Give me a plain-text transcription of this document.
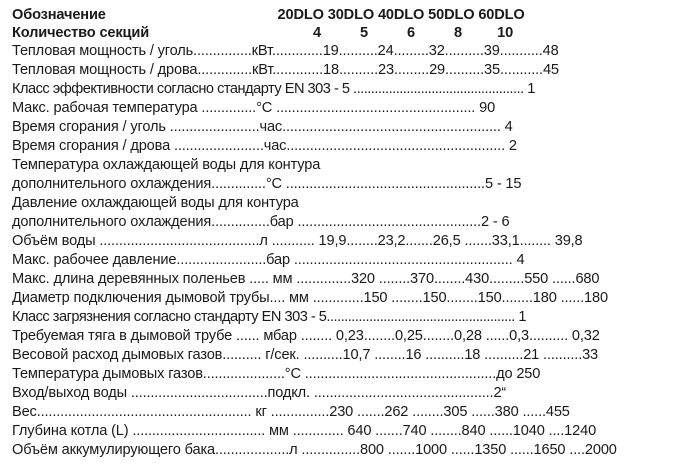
Обозначение                                            20DLO 30DLO 40DLO 50DLO 60DLO
Количество секций                                          4          5          6          8         10
Тепловая мощность / уголь...............кВт.............19..........24.........32..........39...........48
Тепловая мощность / дрова..............кВт.............18..........23.........29..........35...........45
Класс эффективности согласно стандарту EN 303 - 5 ................................................ 1
Макс. рабочая температура ..............°C ................................................... 90
Время сгорания / уголь .......................час........................................................ 4
Время сгорания / дрова .......................час........................................................ 2
Температура охлаждающей воды для контура
дополнительного охлаждения..............°C ...................................................5 - 15
Давление охлаждающей воды для контура
дополнительного охлаждения...............бар ...............................................2 - 6
Объём воды .........................................л ........... 19,9........23,2.......26,5 .......33,1........ 39,8
Макс. рабочее давление.......................бар ........................................................ 4
Макс. длина деревянных поленьев ..... мм ..............320 ........370........430.........550 ......680
Диаметр подключения дымовой трубы.... мм .............150 ........150........150........180 ......180
Класс загрязнения согласно стандарту EN 303 - 5..................................................... 1
Требуемая тяга в дымовой трубе ...... мбар ........ 0,23........0,25........0,28 ......0,3.......... 0,32
Весовой расход дымовых газов.......... г/сек. ..........10,7 ........16 ..........18 ..........21 ..........33
Температура дымовых газов.....................°C .................................................до 250
Вход/выход воды ...................................подкл. ..............................................2“
Вес....................................................... кг ...............230 .......262 ........305 ......380 ......455
Глубина котла (L) .................................. мм ............. 640 .......740 ........840 ......1040 ....1240
Объём аккумулирующего бака...................л ...............800 .......1000 ......1350 ......1650 ....2000
